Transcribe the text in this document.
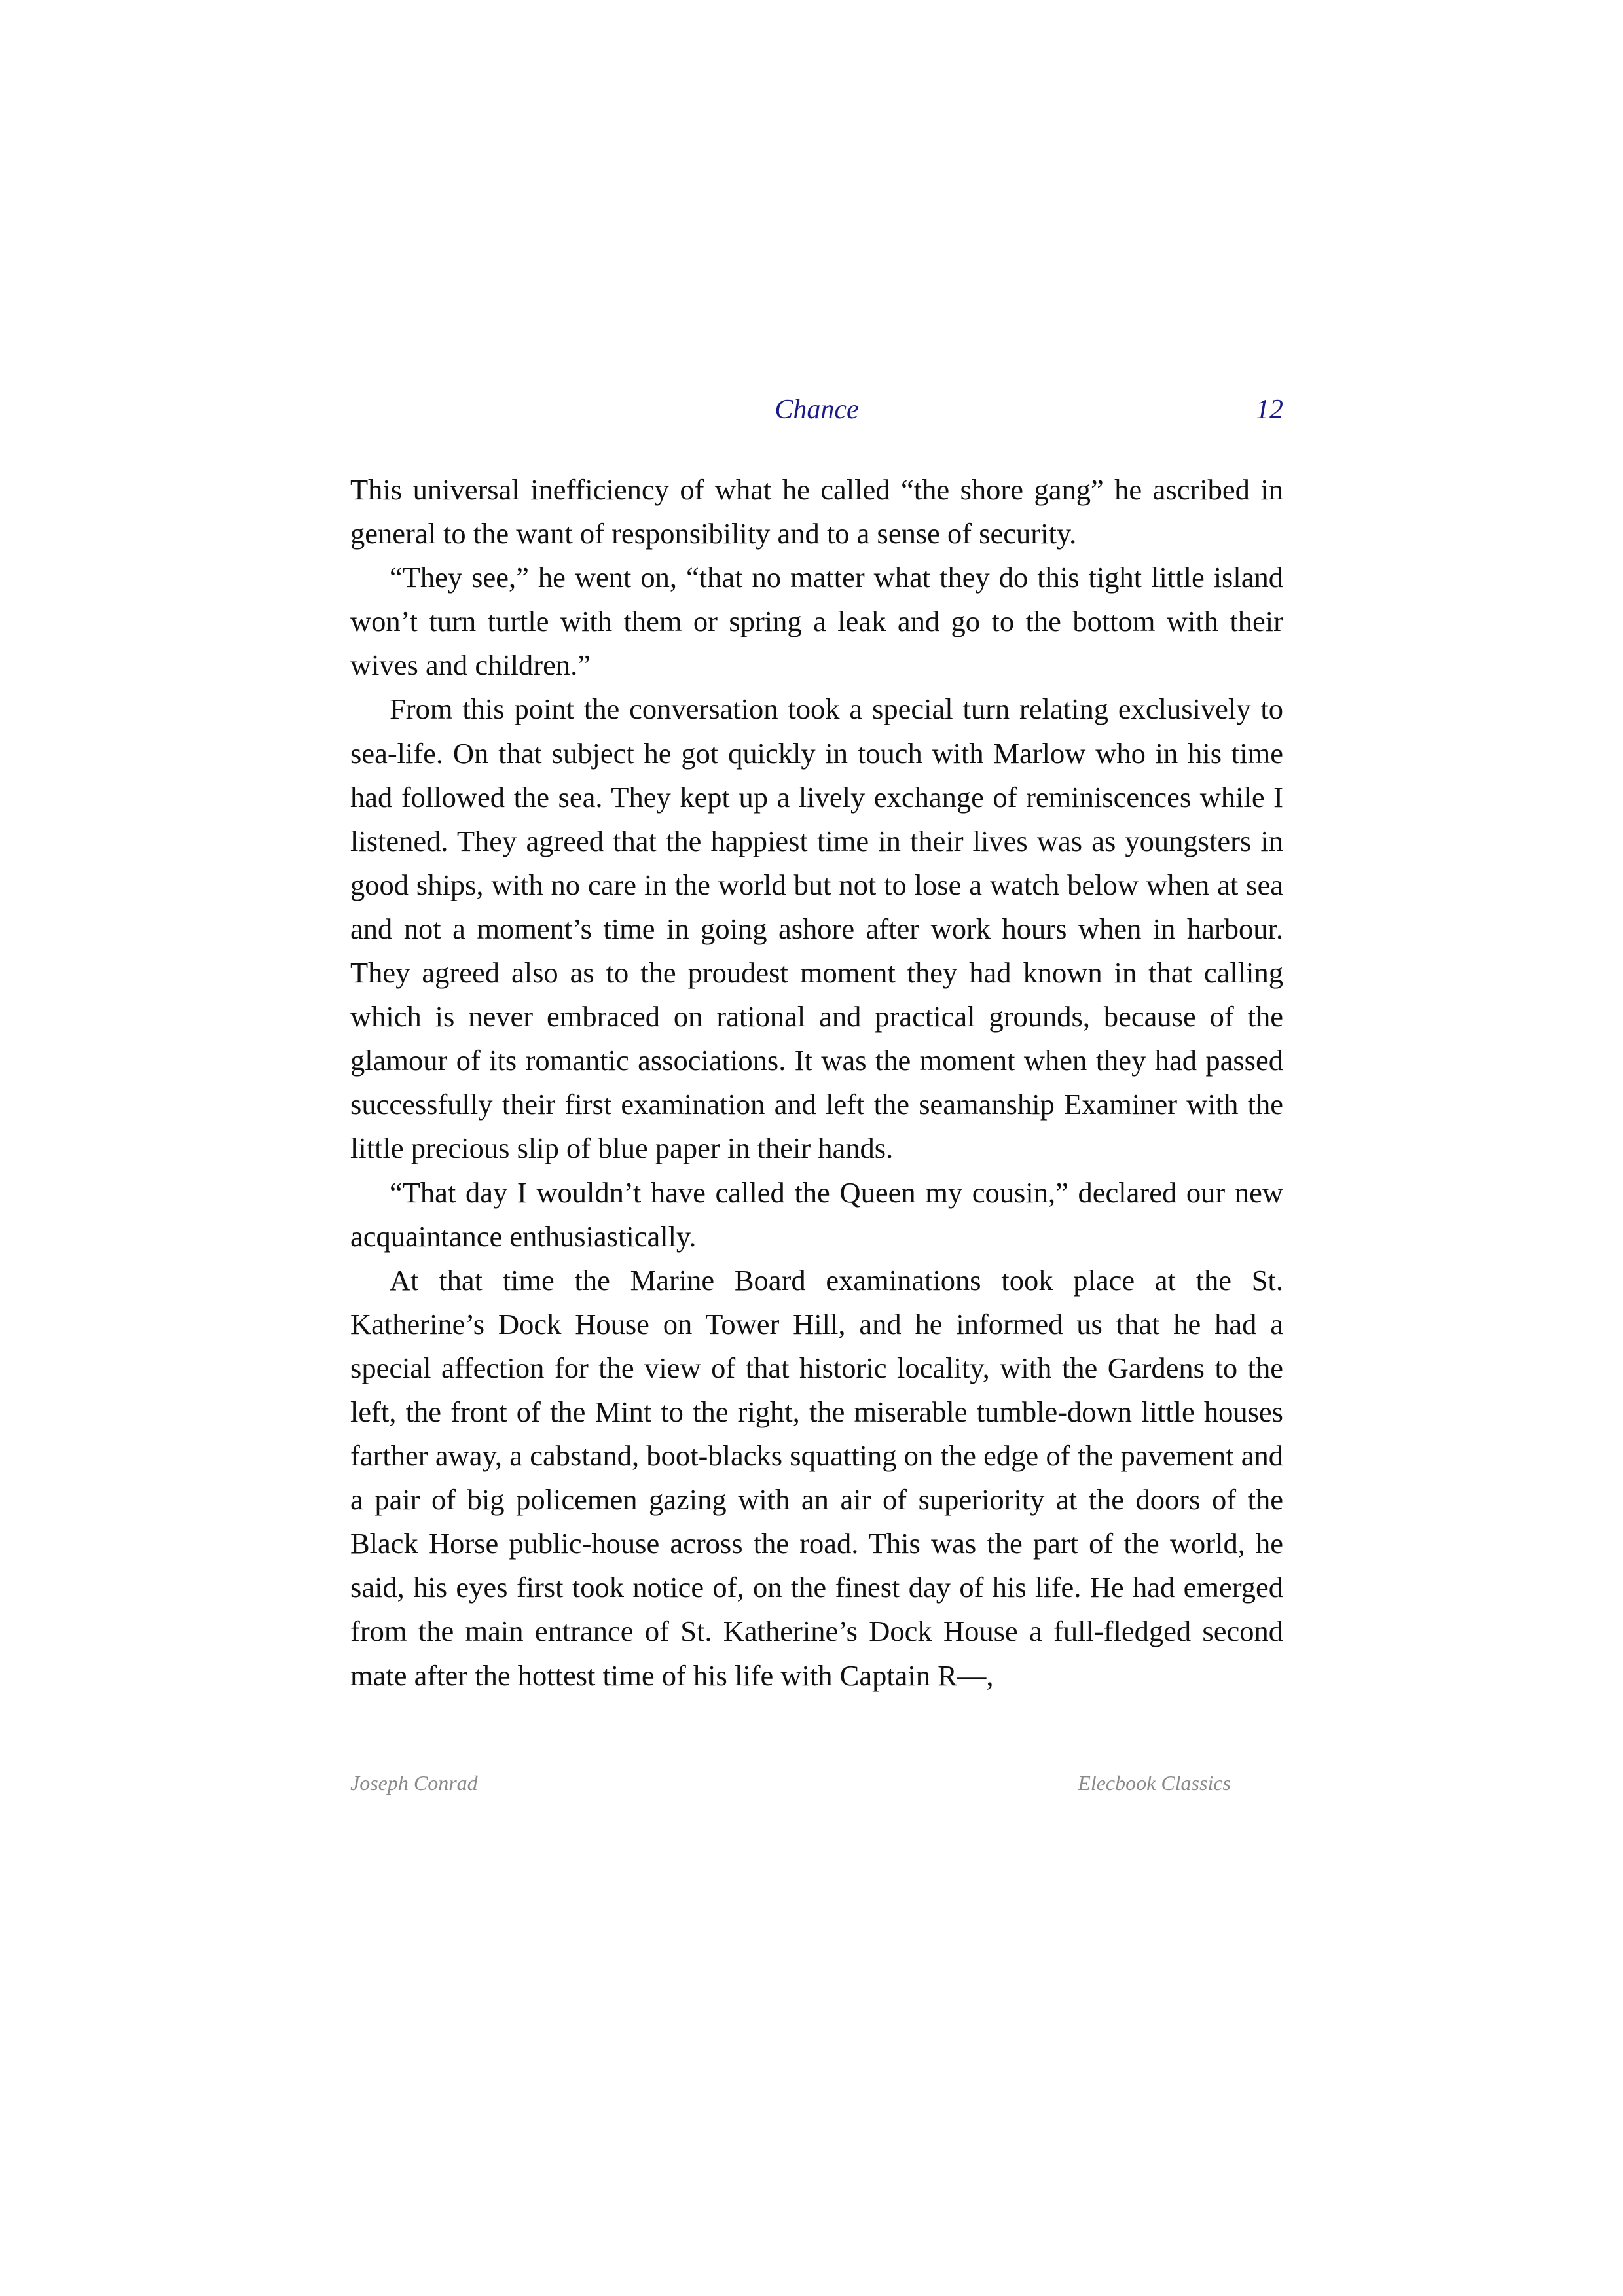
Chance	12

This universal inefficiency of what he called “the shore gang” he ascribed in general to the want of responsibility and to a sense of security.

“They see,” he went on, “that no matter what they do this tight little island won’t turn turtle with them or spring a leak and go to the bottom with their wives and children.”

From this point the conversation took a special turn relating exclusively to sea-life. On that subject he got quickly in touch with Marlow who in his time had followed the sea. They kept up a lively exchange of reminiscences while I listened. They agreed that the happiest time in their lives was as youngsters in good ships, with no care in the world but not to lose a watch below when at sea and not a moment’s time in going ashore after work hours when in harbour. They agreed also as to the proudest moment they had known in that calling which is never embraced on rational and practical grounds, because of the glamour of its romantic associations. It was the moment when they had passed successfully their first examination and left the seamanship Examiner with the little precious slip of blue paper in their hands.

“That day I wouldn’t have called the Queen my cousin,” declared our new acquaintance enthusiastically.

At that time the Marine Board examinations took place at the St. Katherine’s Dock House on Tower Hill, and he informed us that he had a special affection for the view of that historic locality, with the Gardens to the left, the front of the Mint to the right, the miserable tumble-down little houses farther away, a cabstand, boot-blacks squatting on the edge of the pavement and a pair of big policemen gazing with an air of superiority at the doors of the Black Horse public-house across the road. This was the part of the world, he said, his eyes first took notice of, on the finest day of his life. He had emerged from the main entrance of St. Katherine’s Dock House a full-fledged second mate after the hottest time of his life with Captain R—,

Joseph Conrad	Elecbook Classics
